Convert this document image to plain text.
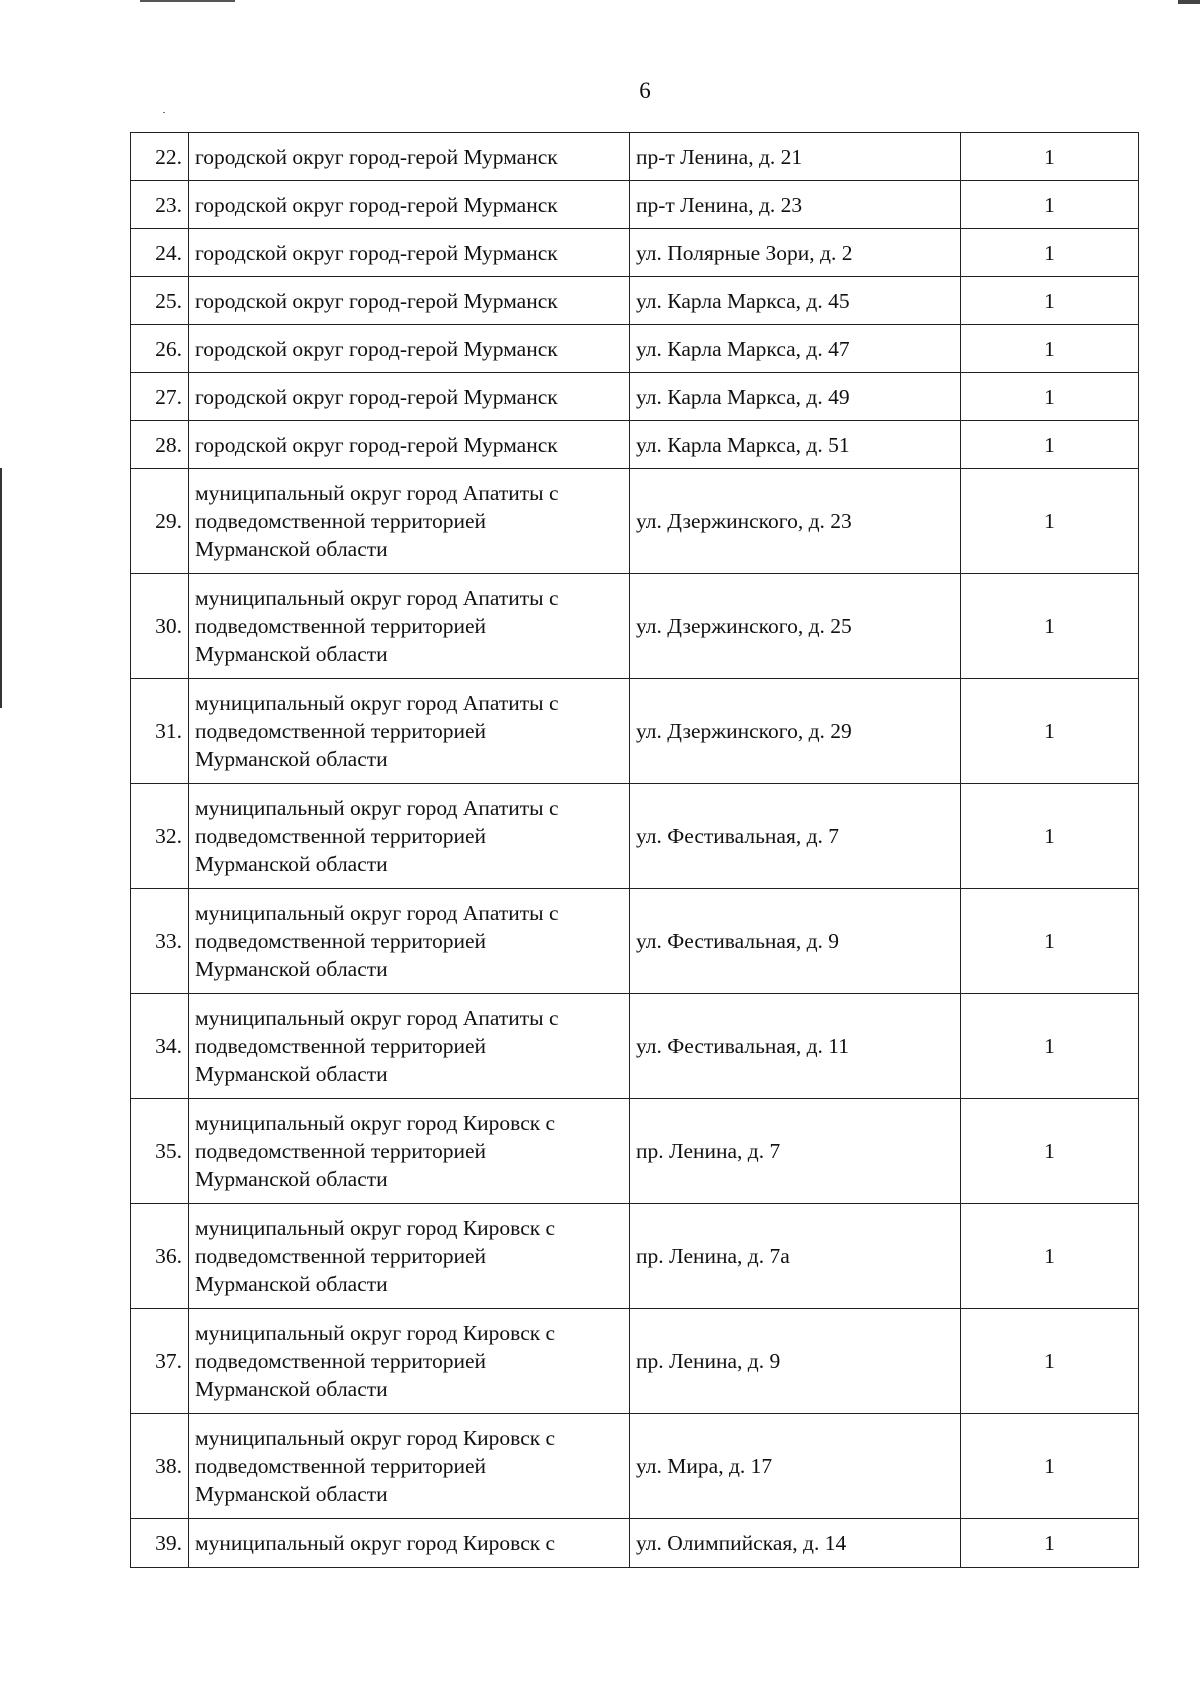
6
22.	городской округ город-герой Мурманск	пр-т Ленина, д. 21	1
23.	городской округ город-герой Мурманск	пр-т Ленина, д. 23	1
24.	городской округ город-герой Мурманск	ул. Полярные Зори, д. 2	1
25.	городской округ город-герой Мурманск	ул. Карла Маркса, д. 45	1
26.	городской округ город-герой Мурманск	ул. Карла Маркса, д. 47	1
27.	городской округ город-герой Мурманск	ул. Карла Маркса, д. 49	1
28.	городской округ город-герой Мурманск	ул. Карла Маркса, д. 51	1
29.	муниципальный округ город Апатиты с
подведомственной территорией
Мурманской области	ул. Дзержинского, д. 23	1
30.	муниципальный округ город Апатиты с
подведомственной территорией
Мурманской области	ул. Дзержинского, д. 25	1
31.	муниципальный округ город Апатиты с
подведомственной территорией
Мурманской области	ул. Дзержинского, д. 29	1
32.	муниципальный округ город Апатиты с
подведомственной территорией
Мурманской области	ул. Фестивальная, д. 7	1
33.	муниципальный округ город Апатиты с
подведомственной территорией
Мурманской области	ул. Фестивальная, д. 9	1
34.	муниципальный округ город Апатиты с
подведомственной территорией
Мурманской области	ул. Фестивальная, д. 11	1
35.	муниципальный округ город Кировск с
подведомственной территорией
Мурманской области	пр. Ленина, д. 7	1
36.	муниципальный округ город Кировск с
подведомственной территорией
Мурманской области	пр. Ленина, д. 7а	1
37.	муниципальный округ город Кировск с
подведомственной территорией
Мурманской области	пр. Ленина, д. 9	1
38.	муниципальный округ город Кировск с
подведомственной территорией
Мурманской области	ул. Мира, д. 17	1
39.	муниципальный округ город Кировск с	ул. Олимпийская, д. 14	1
